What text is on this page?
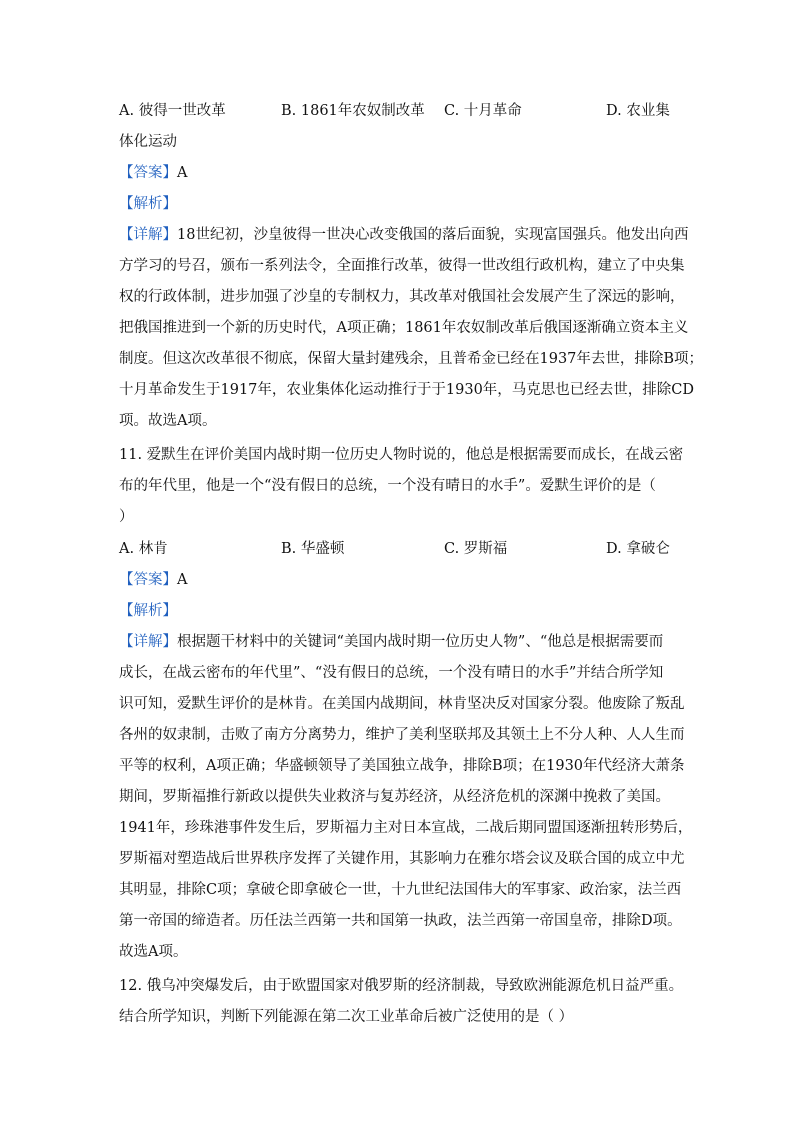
A. 彼得一世改革	B. 1861年农奴制改革 C. 十月革命	D. 农业集
体化运动
【答案】A
【解析】
【详解】18世纪初，沙皇彼得一世决心改变俄国的落后面貌，实现富国强兵。他发出向西
方学习的号召，颁布一系列法令，全面推行改革，彼得一世改组行政机构，建立了中央集
权的行政体制，进步加强了沙皇的专制权力，其改革对俄国社会发展产生了深远的影响，
把俄国推进到一个新的历史时代，A项正确；1861年农奴制改革后俄国逐渐确立资本主义
制度。但这次改革很不彻底，保留大量封建残余，且普希金已经在1937年去世，排除B项；
十月革命发生于1917年，农业集体化运动推行于于1930年，马克思也已经去世，排除CD
项。故选A项。
11. 爱默生在评价美国内战时期一位历史人物时说的，他总是根据需要而成长，在战云密
布的年代里，他是一个“没有假日的总统，一个没有晴日的水手”。爱默生评价的是（
）
A. 林肯	B. 华盛顿	C. 罗斯福	D. 拿破仑
【答案】A
【解析】
【详解】根据题干材料中的关键词“美国内战时期一位历史人物”、“他总是根据需要而
成长，在战云密布的年代里”、“没有假日的总统，一个没有晴日的水手”并结合所学知
识可知，爱默生评价的是林肯。在美国内战期间，林肯坚决反对国家分裂。他废除了叛乱
各州的奴隶制，击败了南方分离势力，维护了美利坚联邦及其领土上不分人种、人人生而
平等的权利，A项正确；华盛顿领导了美国独立战争，排除B项；在1930年代经济大萧条
期间，罗斯福推行新政以提供失业救济与复苏经济，从经济危机的深渊中挽救了美国。
1941年，珍珠港事件发生后，罗斯福力主对日本宣战，二战后期同盟国逐渐扭转形势后，
罗斯福对塑造战后世界秩序发挥了关键作用，其影响力在雅尔塔会议及联合国的成立中尤
其明显，排除C项；拿破仑即拿破仑一世，十九世纪法国伟大的军事家、政治家，法兰西
第一帝国的缔造者。历任法兰西第一共和国第一执政，法兰西第一帝国皇帝，排除D项。
故选A项。
12. 俄乌冲突爆发后，由于欧盟国家对俄罗斯的经济制裁，导致欧洲能源危机日益严重。
结合所学知识，判断下列能源在第二次工业革命后被广泛使用的是（ ）
